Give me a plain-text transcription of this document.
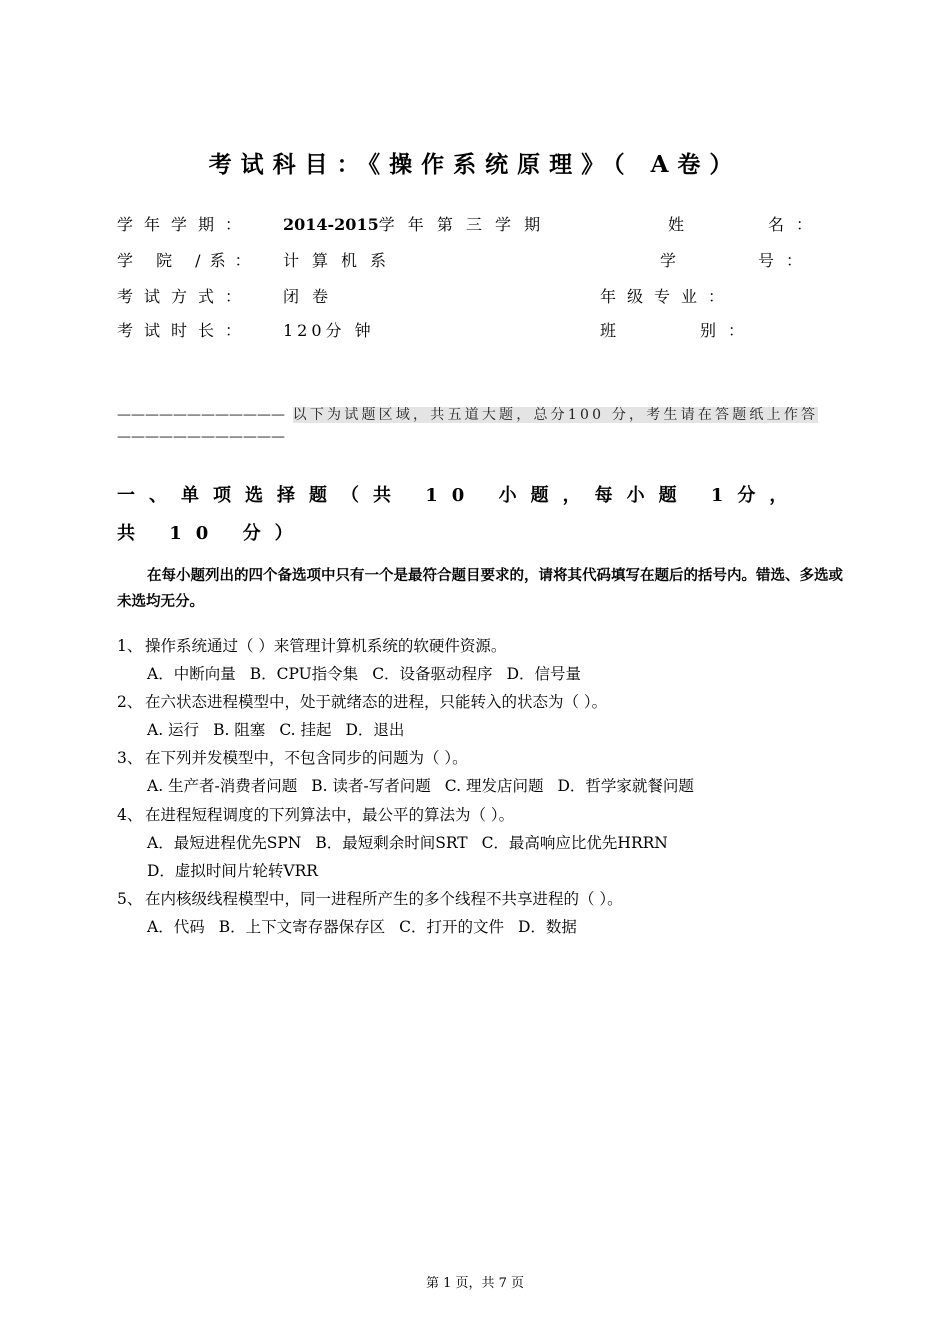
考试科目：《操作系统原理》（ A卷）
学年学期： 2014-2015学 年 第 三 学 期	姓	名：
学 院 /系： 计算机系	学	号：
考试方式： 闭卷	年级专业：
考试时长： 120分 钟	班	别：
———————————— 以下为试题区域，共五道大题，总分100 分，考生请在答题纸上作答————————————
一、单项选择题（共 10 小题，每小题 1分，共 10 分）
在每小题列出的四个备选项中只有一个是最符合题目要求的，请将其代码填写在题后的括号内。错选、多选或未选均无分。
1、 操作系统通过（ ）来管理计算机系统的软硬件资源。
A．中断向量 B．CPU指令集 C．设备驱动程序 D．信号量
2、 在六状态进程模型中，处于就绪态的进程，只能转入的状态为（ ）。
A. 运行 B. 阻塞 C. 挂起 D．退出
3、 在下列并发模型中，不包含同步的问题为（ ）。
A. 生产者-消费者问题 B. 读者-写者问题 C. 理发店问题 D．哲学家就餐问题
4、 在进程短程调度的下列算法中，最公平的算法为（ ）。
A．最短进程优先SPN B．最短剩余时间SRT C．最高响应比优先HRRN
D．虚拟时间片轮转VRR
5、 在内核级线程模型中，同一进程所产生的多个线程不共享进程的（ ）。
A．代码 B．上下文寄存器保存区 C．打开的文件 D．数据
第 1 页，共 7 页
